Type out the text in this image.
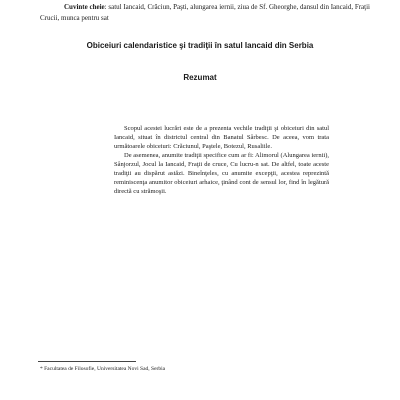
Cuvinte cheie: satul Iancaid, Crăciun, Paşti, alungarea iernii, ziua de Sf. Gheorghe, dansul din Iancaid, Fraţii Crucii, munca pentru sat
Obiceiuri calendaristice şi tradiţii în satul Iancaid din Serbia
Rezumat

Scopul acestei lucrări este de a prezenta vechile tradiţii şi obiceiuri din satul Iancaid, situat în districtul central din Banatul Sârbesc. De aceea, vom trata următoarele obiceiuri: Crăciunul, Paştele, Botezul, Rusaliile.

De asemenea, anumite tradiţii specifice cum ar fi: Alimorul (Alungarea iernii), Sânjorzul, Jocul la Iancaid, Fraţii de cruce, Cu lucru-n sat. De altfel, toate aceste tradiţii au dispărut astăzi. Bineînţeles, cu anumite excepţii, acestea reprezintă reminiscenţa anumitor obiceiuri arhaice, ţinând cont de sensul lor, find în legătură directă cu strămoşii.

* Facultatea de Filosofie, Universitatea Novi Sad, Serbia
